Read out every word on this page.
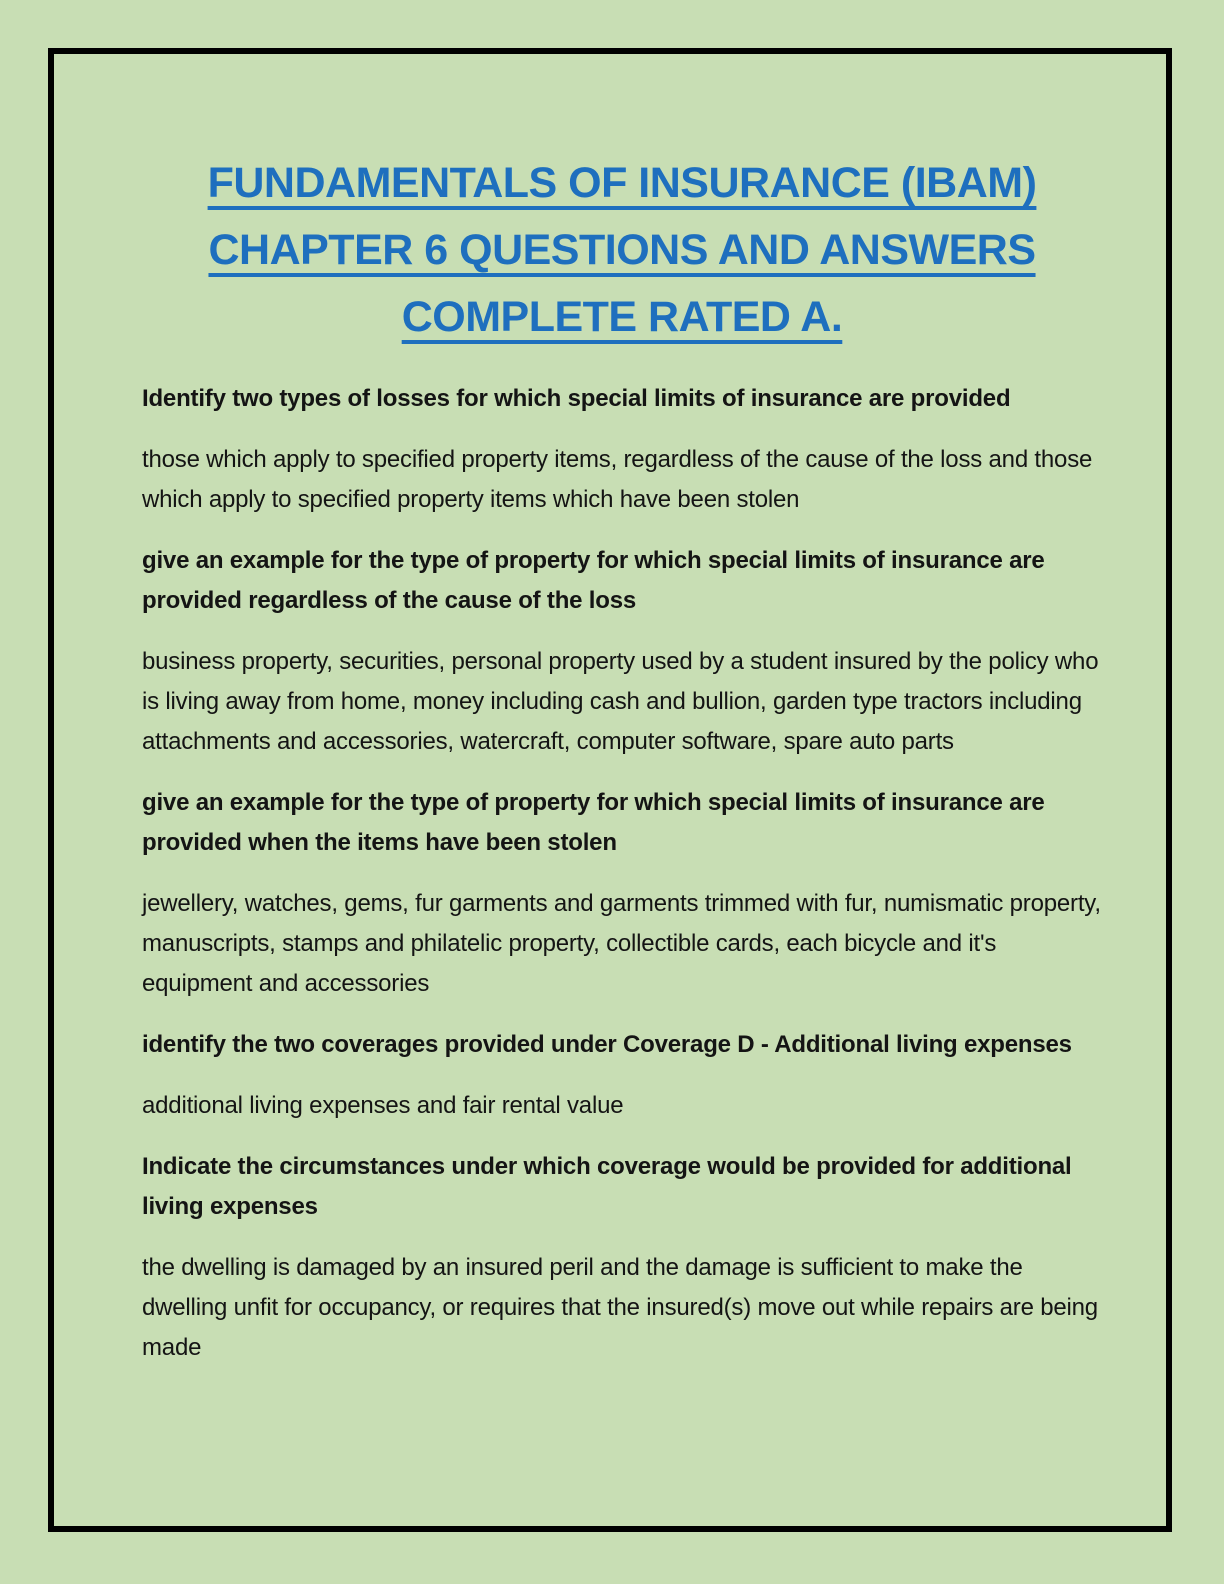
FUNDAMENTALS OF INSURANCE (IBAM)
CHAPTER 6 QUESTIONS AND ANSWERS
COMPLETE RATED A.

Identify two types of losses for which special limits of insurance are provided

those which apply to specified property items, regardless of the cause of the loss and those which apply to specified property items which have been stolen

give an example for the type of property for which special limits of insurance are provided regardless of the cause of the loss

business property, securities, personal property used by a student insured by the policy who is living away from home, money including cash and bullion, garden type tractors including attachments and accessories, watercraft, computer software, spare auto parts

give an example for the type of property for which special limits of insurance are provided when the items have been stolen

jewellery, watches, gems, fur garments and garments trimmed with fur, numismatic property, manuscripts, stamps and philatelic property, collectible cards, each bicycle and it's equipment and accessories

identify the two coverages provided under Coverage D - Additional living expenses

additional living expenses and fair rental value

Indicate the circumstances under which coverage would be provided for additional living expenses

the dwelling is damaged by an insured peril and the damage is sufficient to make the dwelling unfit for occupancy, or requires that the insured(s) move out while repairs are being made
